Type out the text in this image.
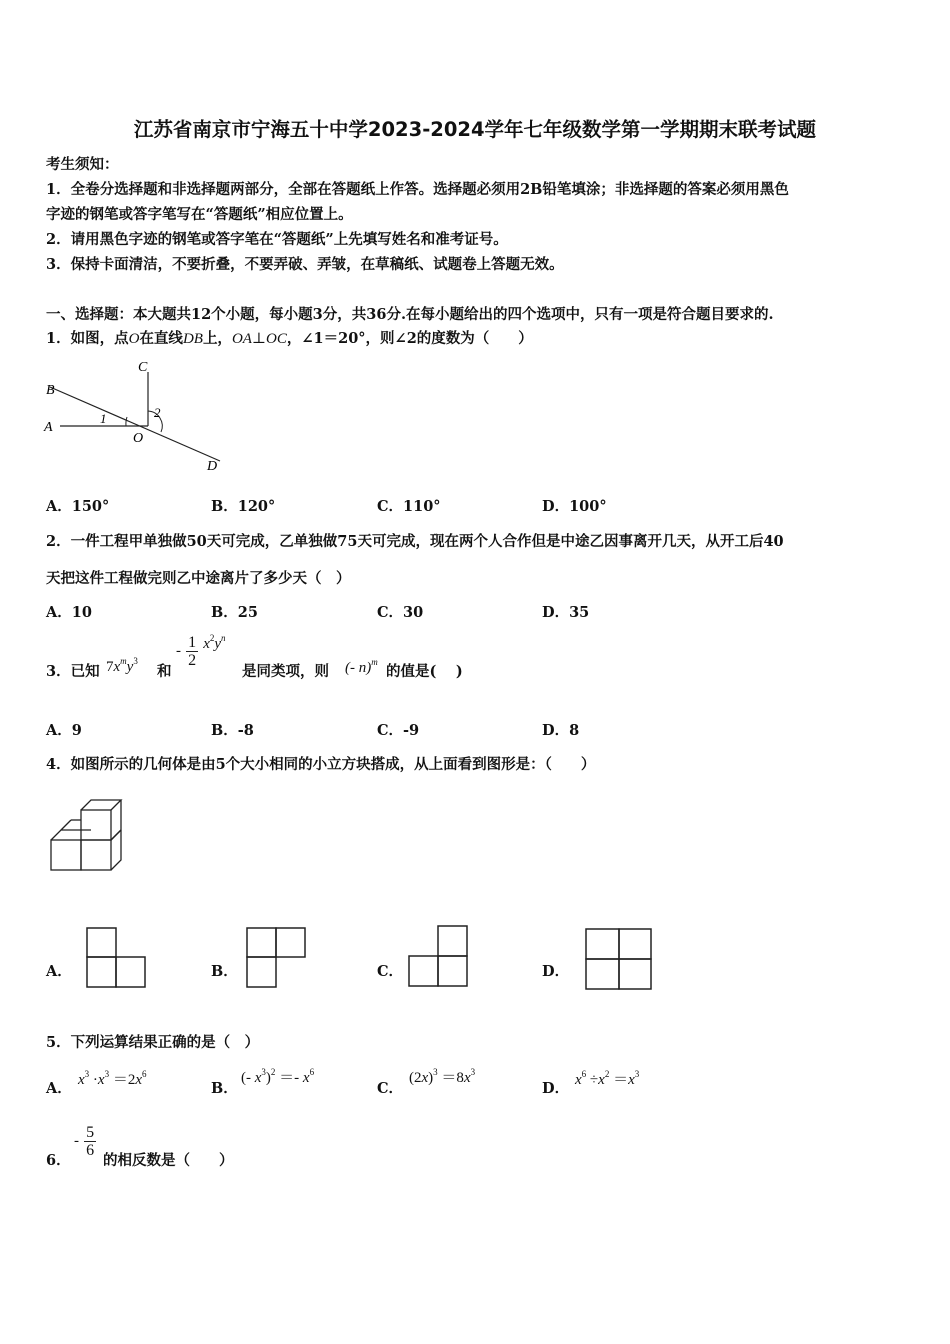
江苏省南京市宁海五十中学2023-2024学年七年级数学第一学期期末联考试题
考生须知：
1．全卷分选择题和非选择题两部分，全部在答题纸上作答。选择题必须用2B铅笔填涂；非选择题的答案必须用黑色
字迹的钢笔或答字笔写在“答题纸”相应位置上。
2．请用黑色字迹的钢笔或答字笔在“答题纸”上先填写姓名和准考证号。
3．保持卡面清洁，不要折叠，不要弄破、弄皱，在草稿纸、试题卷上答题无效。
一、选择题：本大题共12个小题，每小题3分，共36分.在每小题给出的四个选项中，只有一项是符合题目要求的.
1．如图，点O在直线DB上，OA⊥OC，∠1＝20°，则∠2的度数为（　　）
B
A
C
O
D
1	2
A．150°	B．120°	C．110°	D．100°
2．一件工程甲单独做50天可完成，乙单独做75天可完成，现在两个人合作但是中途乙因事离开几天，从开工后40
天把这件工程做完则乙中途离片了多少天（　）
A．10	B．25	C．30	D．35
3．已知 $7x^my^3$
和
- $\frac{1}{2} x^2y^n$
是同类项，则 (- n)$^m$
的值是(　 )
A．9	B．-8	C．-9	D．8
4．如图所示的几何体是由5个大小相同的小立方块搭成，从上面看到图形是：（　　）
A．	B．	C．	D．
5．下列运算结果正确的是（　）
A． $x^3 \cdot x^3 =2x^6$
B．
(- $x^3)^2 =- x^6$
C．
$(2x)^3 =8x^3$
D． $x^6 \div x^2 =x^3$
6．
- $\frac{5}{6}$
的相反数是（　　）
